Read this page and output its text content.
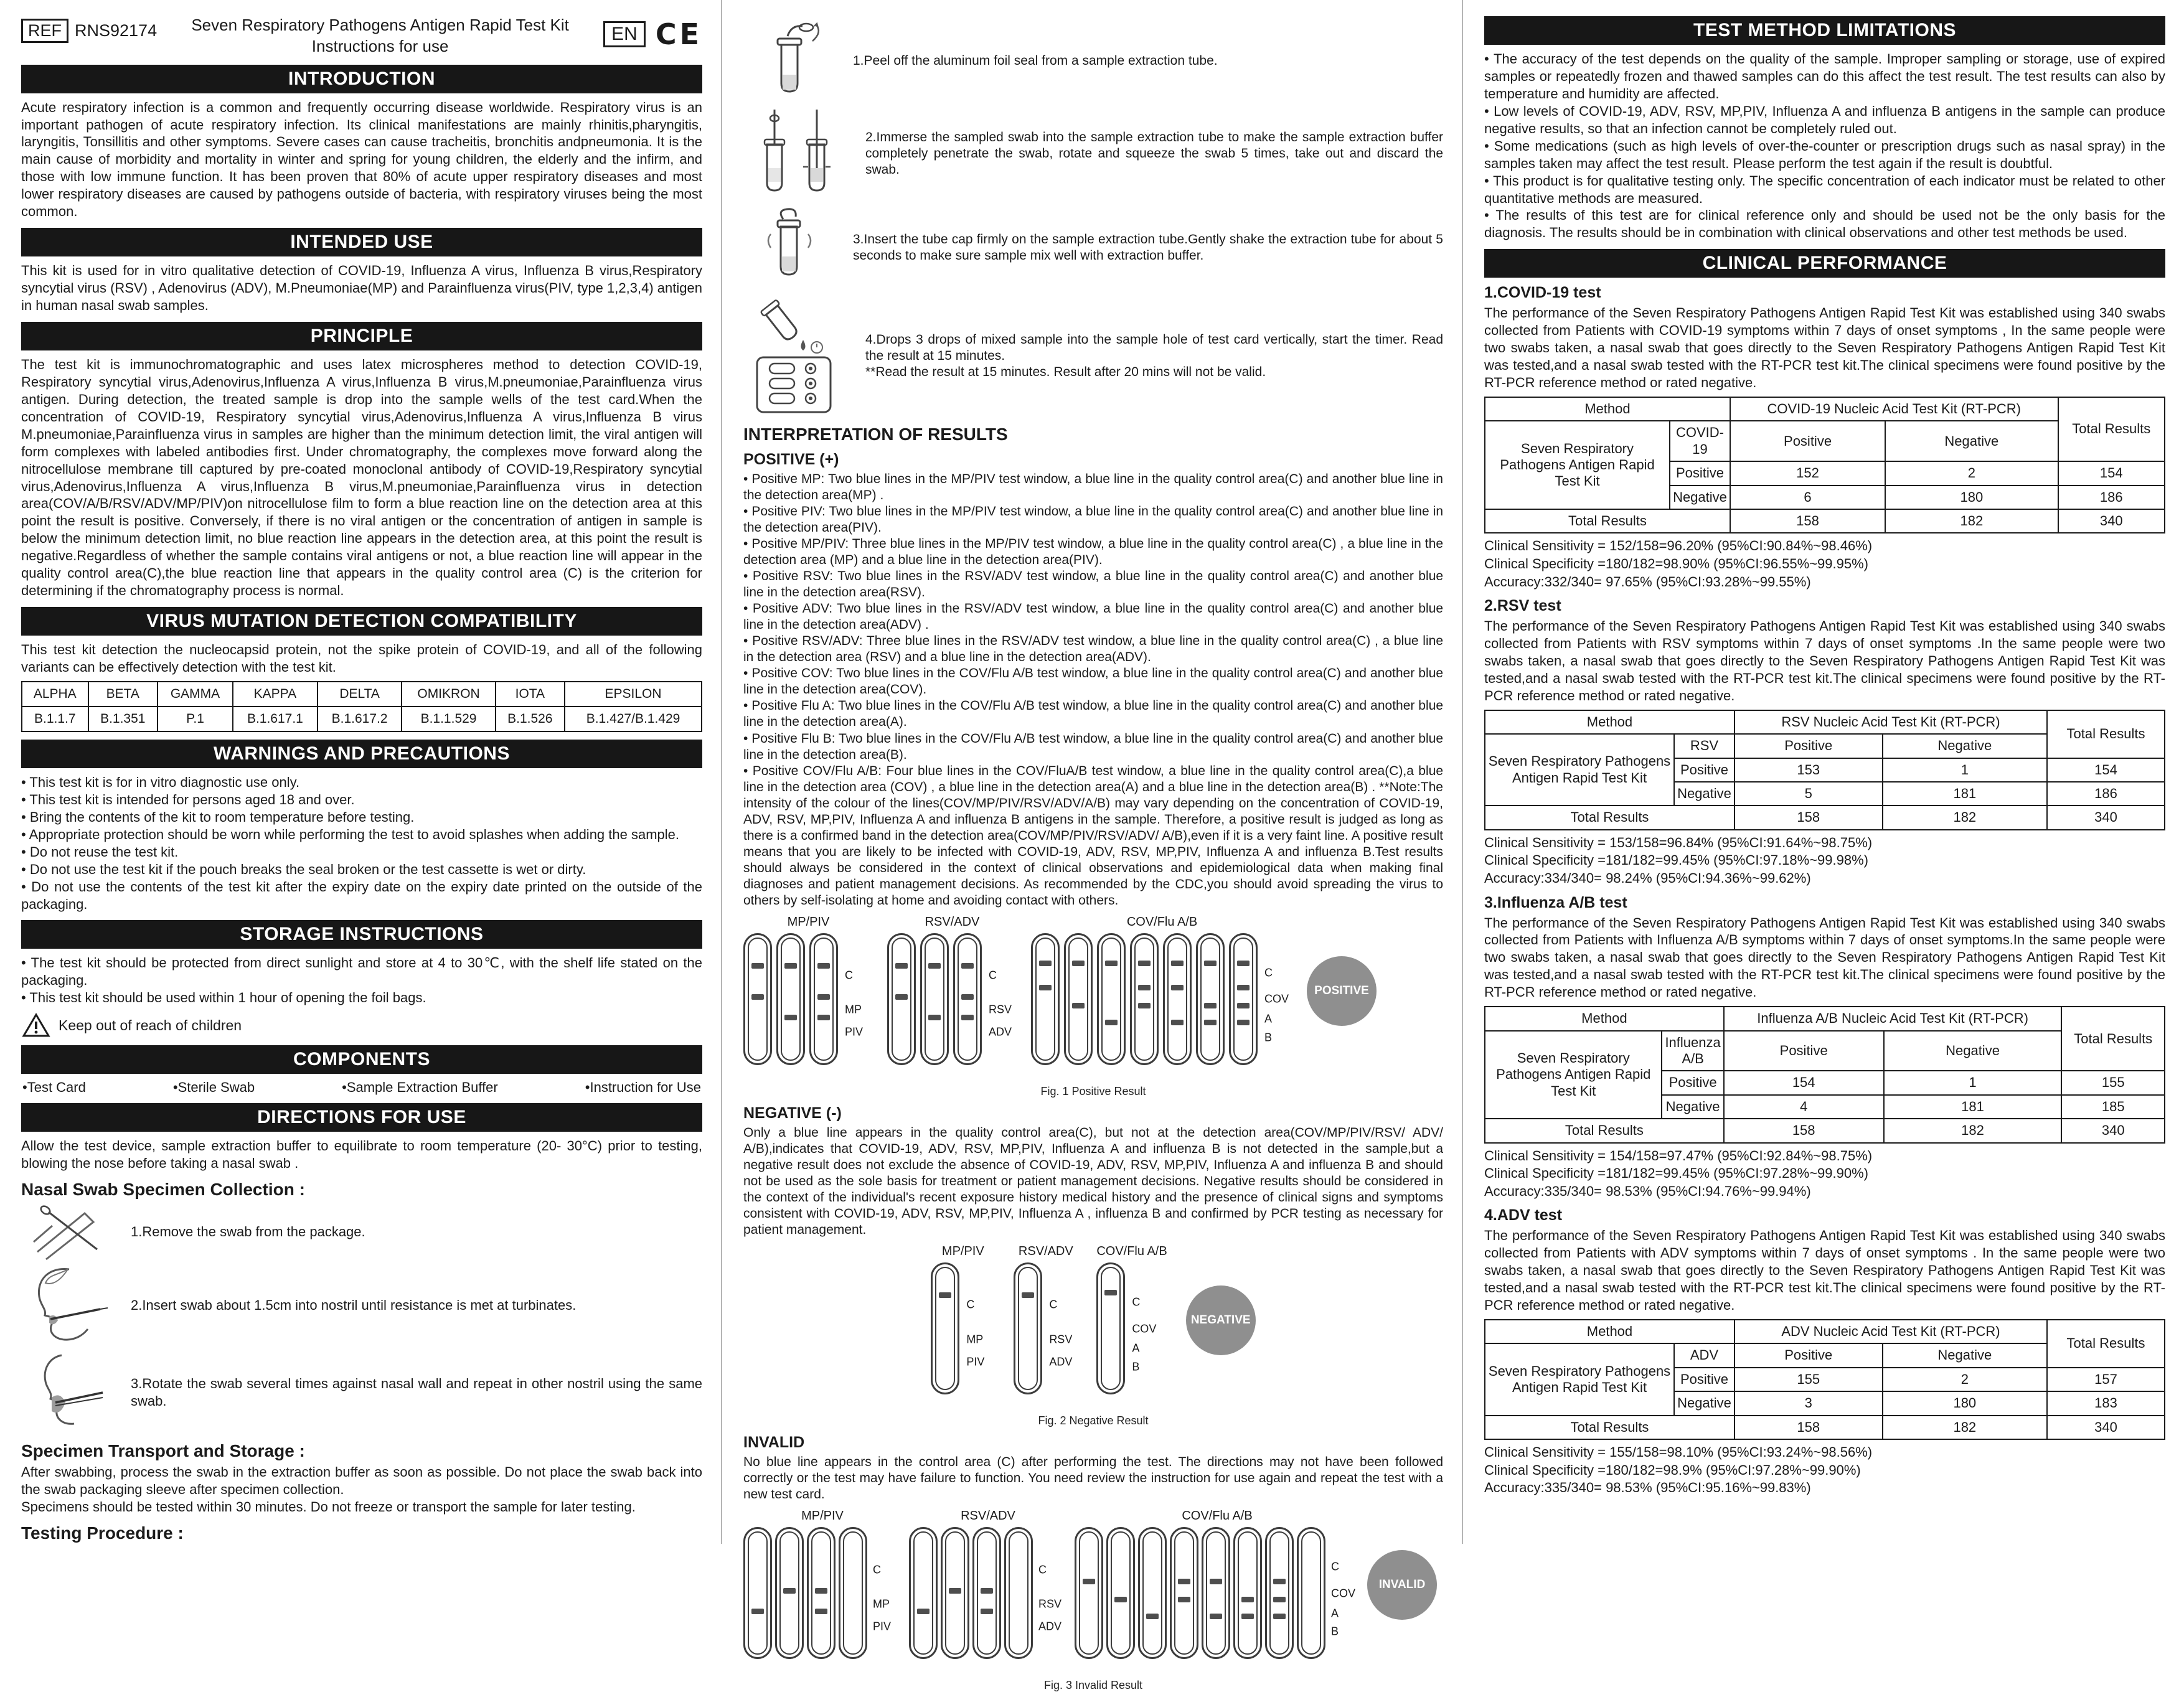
REF RNS92174	Seven Respiratory Pathogens Antigen Rapid Test Kit
Instructions for use
EN CE
INTRODUCTION
Acute respiratory infection is a common and frequently occurring disease worldwide. Respiratory virus is an important pathogen of acute respiratory infection. Its clinical manifestations are mainly rhinitis,pharyngitis, laryngitis, Tonsillitis and other symptoms. Severe cases can cause tracheitis, bronchitis andpneumonia. It is the main cause of morbidity and mortality in winter and spring for young children, the elderly and the infirm, and those with low immune function. It has been proven that 80% of acute upper respiratory diseases and most lower respiratory diseases are caused by pathogens outside of bacteria, with respiratory viruses being the most common.
INTENDED USE
This kit is used for in vitro qualitative detection of COVID-19, Influenza A virus, Influenza B virus,Respiratory syncytial virus (RSV) , Adenovirus (ADV), M.Pneumoniae(MP) and Parainfluenza virus(PIV, type 1,2,3,4) antigen in human nasal swab samples.
PRINCIPLE
The test kit is immunochromatographic and uses latex microspheres method to detection COVID-19, Respiratory syncytial virus,Adenovirus,Influenza A virus,Influenza B virus,M.pneumoniae,Parainfluenza virus antigen. During detection, the treated sample is drop into the sample wells of the test card.When the concentration of COVID-19, Respiratory syncytial virus,Adenovirus,Influenza A virus,Influenza B virus M.pneumoniae,Parainfluenza virus in samples are higher than the minimum detection limit, the viral antigen will form complexes with labeled antibodies first. Under chromatography, the complexes move forward along the nitrocellulose membrane till captured by pre-coated monoclonal antibody of COVID-19,Respiratory syncytial virus,Adenovirus,Influenza A virus,Influenza B virus,M.pneumoniae,Parainfluenza virus in detection area(COV/A/B/RSV/ADV/MP/PIV)on nitrocellulose film to form a blue reaction line on the detection area at this point the result is positive. Conversely, if there is no viral antigen or the concentration of antigen in sample is below the minimum detection limit, no blue reaction line appears in the detection area, at this point the result is negative.Regardless of whether the sample contains viral antigens or not, a blue reaction line will appear in the quality control area(C),the blue reaction line that appears in the quality control area (C) is the criterion for determining if the chromatography process is normal.
VIRUS MUTATION DETECTION COMPATIBILITY
This test kit detection the nucleocapsid protein, not the spike protein of COVID-19, and all of the following variants can be effectively detection with the test kit.
ALPHA	BETA	GAMMA	KAPPA	DELTA	OMIKRON	IOTA	EPSILON
B.1.1.7	B.1.351	P.1	B.1.617.1	B.1.617.2	B.1.1.529	B.1.526	B.1.427/B.1.429
WARNINGS AND PRECAUTIONS
• This test kit is for in vitro diagnostic use only.
• This test kit is intended for persons aged 18 and over.
• Bring the contents of the kit to room temperature before testing.
• Appropriate protection should be worn while performing the test to avoid splashes when adding the sample.
• Do not reuse the test kit.
• Do not use the test kit if the pouch breaks the seal broken or the test cassette is wet or dirty.
• Do not use the contents of the test kit after the expiry date on the expiry date printed on the outside of the packaging.
STORAGE INSTRUCTIONS
• The test kit should be protected from direct sunlight and store at 4 to 30℃, with the shelf life stated on the packaging.
• This test kit should be used within 1 hour of opening the foil bags.
Keep out of reach of children
COMPONENTS
• Test Card	• Sterile Swab	• Sample Extraction Buffer	• Instruction for Use
DIRECTIONS FOR USE
Allow the test device, sample extraction buffer to equilibrate to room temperature (20- 30°C) prior to testing, blowing the nose before taking a nasal swab .
Nasal Swab Specimen Collection :
1.Remove the swab from the package.
2.Insert swab about 1.5cm into nostril until resistance is met at turbinates.
3.Rotate the swab several times against nasal wall and repeat in other nostril using the same swab.
Specimen Transport and Storage :
After swabbing, process the swab in the extraction buffer as soon as possible. Do not place the swab back into the swab packaging sleeve after specimen collection.
Specimens should be tested within 30 minutes. Do not freeze or transport the sample for later testing.
Testing Procedure :
1.Peel off the aluminum foil seal from a sample extraction tube.
2.Immerse the sampled swab into the sample extraction tube to make the sample extraction buffer completely penetrate the swab, rotate and squeeze the swab 5 times, take out and discard the swab.
3.Insert the tube cap firmly on the sample extraction tube.Gently shake the extraction tube for about 5 seconds to make sure sample mix well with extraction buffer.
4.Drops 3 drops of mixed sample into the sample hole of test card vertically, start the timer. Read the result at 15 minutes.
**Read the result at 15 minutes. Result after 20 mins will not be valid.
INTERPRETATION OF RESULTS
POSITIVE (+)
• Positive MP: Two blue lines in the MP/PIV test window, a blue line in the quality control area(C) and another blue line in the detection area(MP) .
• Positive PIV: Two blue lines in the MP/PIV test window, a blue line in the quality control area(C) and another blue line in the detection area(PIV).
• Positive MP/PIV: Three blue lines in the MP/PIV test window, a blue line in the quality control area(C) , a blue line in the detection area (MP) and a blue line in the detection area(PIV).
• Positive RSV: Two blue lines in the RSV/ADV test window, a blue line in the quality control area(C) and another blue line in the detection area(RSV).
• Positive ADV: Two blue lines in the RSV/ADV test window, a blue line in the quality control area(C) and another blue line in the detection area(ADV) .
• Positive RSV/ADV: Three blue lines in the RSV/ADV test window, a blue line in the quality control area(C) , a blue line in the detection area (RSV) and a blue line in the detection area(ADV).
• Positive COV: Two blue lines in the COV/Flu A/B test window, a blue line in the quality control area(C) and another blue line in the detection area(COV).
• Positive Flu A: Two blue lines in the COV/Flu A/B test window, a blue line in the quality control area(C) and another blue line in the detection area(A).
• Positive Flu B: Two blue lines in the COV/Flu A/B test window, a blue line in the quality control area(C) and another blue line in the detection area(B).
• Positive COV/Flu A/B: Four blue lines in the COV/FluA/B test window, a blue line in the quality control area(C),a blue line in the detection area (COV) , a blue line in the detection area(A) and a blue line in the detection area(B) . **Note:The intensity of the colour of the lines(COV/MP/PIV/RSV/ADV/A/B) may vary depending on the concentration of COVID-19, ADV, RSV, MP,PIV, Influenza A and influenza B antigens in the sample. Therefore, a positive result is judged as long as there is a confirmed band in the detection area(COV/MP/PIV/RSV/ADV/ A/B),even if it is a very faint line. A positive result means that you are likely to be infected with COVID-19, ADV, RSV, MP,PIV, Influenza A and influenza B.Test results should always be considered in the context of clinical observations and epidemiological data when making final diagnoses and patient management decisions. As recommended by the CDC,you should avoid spreading the virus to others by self-isolating at home and avoiding contact with others.
MP/PIV
C
MP
PIV
RSV/ADV
C
RSV
ADV
COV/Flu A/B
C
COV
A
B
POSITIVE
Fig. 1 Positive Result
NEGATIVE (-)
Only a blue line appears in the quality control area(C), but not at the detection area(COV/MP/PIV/RSV/ ADV/ A/B),indicates that COVID-19, ADV, RSV, MP,PIV, Influenza A and influenza B is not detected in the sample,but a negative result does not exclude the absence of COVID-19, ADV, RSV, MP,PIV, Influenza A and influenza B and should not be used as the sole basis for treatment or patient management decisions. Negative results should be considered in the context of the individual's recent exposure history medical history and the presence of clinical signs and symptoms consistent with COVID-19, ADV, RSV, MP,PIV, Influenza A , influenza B and confirmed by PCR testing as necessary for patient management.
MP/PIV
C
MP
PIV
RSV/ADV
C
RSV
ADV
COV/Flu A/B
C
COV
A
B
NEGATIVE
Fig. 2 Negative Result
INVALID
No blue line appears in the control area (C) after performing the test. The directions may not have been followed correctly or the test may have failure to function. You need review the instruction for use again and repeat the test with a new test card.
MP/PIV
C
MP
PIV
RSV/ADV
C
RSV
ADV
COV/Flu A/B
C
COV
A
B
INVALID
Fig. 3 Invalid Result
TEST METHOD LIMITATIONS
• The accuracy of the test depends on the quality of the sample. Improper sampling or storage, use of expired samples or repeatedly frozen and thawed samples can do this affect the test result. The test results can also by temperature and humidity are affected.
• Low levels of COVID-19, ADV, RSV, MP,PIV, Influenza A and influenza B antigens in the sample can produce negative results, so that an infection cannot be completely ruled out.
• Some medications (such as high levels of over-the-counter or prescription drugs such as nasal spray) in the samples taken may affect the test result. Please perform the test again if the result is doubtful.
• This product is for qualitative testing only. The specific concentration of each indicator must be related to other quantitative methods are measured.
• The results of this test are for clinical reference only and should be used not be the only basis for the diagnosis. The results should be in combination with clinical observations and other test methods be used.
CLINICAL PERFORMANCE
1.COVID-19 test
The performance of the Seven Respiratory Pathogens Antigen Rapid Test Kit was established using 340 swabs collected from Patients with COVID-19 symptoms within 7 days of onset symptoms , In the same people were two swabs taken, a nasal swab that goes directly to the Seven Respiratory Pathogens Antigen Rapid Test Kit was tested,and a nasal swab tested with the RT-PCR test kit.The clinical specimens were found positive by the RT-PCR reference method or rated negative.
Method		COVID-19 Nucleic Acid Test Kit (RT-PCR)		Total Results
Seven Respiratory Pathogens Antigen Rapid Test Kit	COVID-19	Positive	Negative	
	Positive	152	2	154
	Negative	6	180	186
Total Results		158	182	340
Clinical Sensitivity = 152/158=96.20% (95%CI:90.84%~98.46%)
Clinical Specificity =180/182=98.90% (95%CI:96.55%~99.95%)
Accuracy:332/340= 97.65% (95%CI:93.28%~99.55%)
2.RSV test
The performance of the Seven Respiratory Pathogens Antigen Rapid Test Kit was established using 340 swabs collected from Patients with RSV symptoms within 7 days of onset symptoms .In the same people were two swabs taken, a nasal swab that goes directly to the Seven Respiratory Pathogens Antigen Rapid Test Kit was tested,and a nasal swab tested with the RT-PCR test kit.The clinical specimens were found positive by the RT-PCR reference method or rated negative.
Method		RSV Nucleic Acid Test Kit (RT-PCR)		Total Results
Seven Respiratory Pathogens Antigen Rapid Test Kit	RSV	Positive	Negative	
	Positive	153	1	154
	Negative	5	181	186
Total Results		158	182	340
Clinical Sensitivity = 153/158=96.84% (95%CI:91.64%~98.75%)
Clinical Specificity =181/182=99.45% (95%CI:97.18%~99.98%)
Accuracy:334/340= 98.24% (95%CI:94.36%~99.62%)
3.Influenza A/B test
The performance of the Seven Respiratory Pathogens Antigen Rapid Test Kit was established using 340 swabs collected from Patients with Influenza A/B symptoms within 7 days of onset symptoms.In the same people were two swabs taken, a nasal swab that goes directly to the Seven Respiratory Pathogens Antigen Rapid Test Kit was tested,and a nasal swab tested with the RT-PCR test kit.The clinical specimens were found positive by the RT-PCR reference method or rated negative.
Method		Influenza A/B Nucleic Acid Test Kit (RT-PCR)		Total Results
Seven Respiratory Pathogens Antigen Rapid Test Kit	Influenza A/B	Positive	Negative	
	Positive	154	1	155
	Negative	4	181	185
Total Results		158	182	340
Clinical Sensitivity = 154/158=97.47% (95%CI:92.84%~98.75%)
Clinical Specificity =181/182=99.45% (95%CI:97.28%~99.90%)
Accuracy:335/340= 98.53% (95%CI:94.76%~99.94%)
4.ADV test
The performance of the Seven Respiratory Pathogens Antigen Rapid Test Kit was established using 340 swabs collected from Patients with ADV symptoms within 7 days of onset symptoms . In the same people were two swabs taken, a nasal swab that goes directly to the Seven Respiratory Pathogens Antigen Rapid Test Kit was tested,and a nasal swab tested with the RT-PCR test kit.The clinical specimens were found positive by the RT-PCR reference method or rated negative.
Method		ADV Nucleic Acid Test Kit (RT-PCR)		Total Results
Seven Respiratory Pathogens Antigen Rapid Test Kit	ADV	Positive	Negative	
	Positive	155	2	157
	Negative	3	180	183
Total Results		158	182	340
Clinical Sensitivity = 155/158=98.10% (95%CI:93.24%~98.56%)
Clinical Specificity =180/182=98.9% (95%CI:97.28%~99.90%)
Accuracy:335/340= 98.53% (95%CI:95.16%~99.83%)
